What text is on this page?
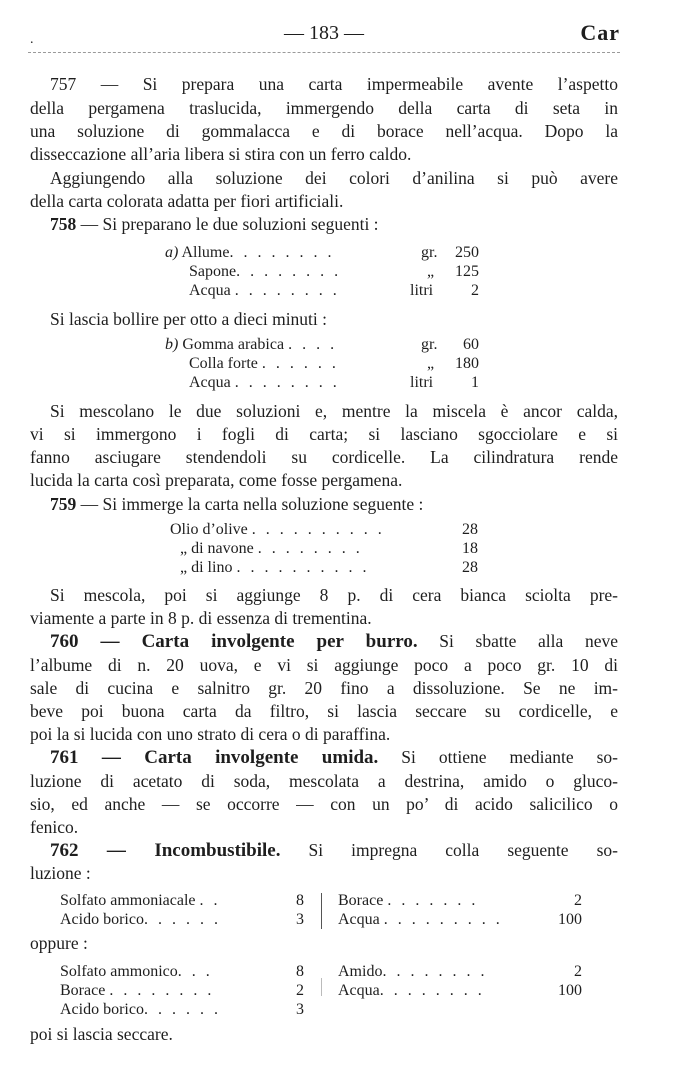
.	— 183 —	Car
757 — Si prepara una carta impermeabile avente l’aspetto
della pergamena traslucida, immergendo della carta di seta in
una soluzione di gommalacca e di borace nell’acqua. Dopo la
disseccazione all’aria libera si stira con un ferro caldo.
Aggiungendo alla soluzione dei colori d’anilina si può avere
della carta colorata adatta per fiori artificiali.
758 — Si preparano le due soluzioni seguenti :
a) Allume. . . . . . . .	gr.	250
Sapone. . . . . . . .	„	125
Acqua . . . . . . . .	litri	2
Si lascia bollire per otto a dieci minuti :
b) Gomma arabica . . . .	gr.	60
Colla forte . . . . . .	„	180
Acqua . . . . . . . .	litri	1
Si mescolano le due soluzioni e, mentre la miscela è ancor calda,
vi si immergono i fogli di carta; si lasciano sgocciolare e si
fanno asciugare stendendoli su cordicelle. La cilindratura rende
lucida la carta così preparata, come fosse pergamena.
759 — Si immerge la carta nella soluzione seguente :
Olio d’olive . . . . . . . . . .	28
„ di navone . . . . . . . .	18
„ di lino . . . . . . . . . .	28
Si mescola, poi si aggiunge 8 p. di cera bianca sciolta pre-
viamente a parte in 8 p. di essenza di trementina.
760 — Carta involgente per burro. Si sbatte alla neve
l’albume di n. 20 uova, e vi si aggiunge poco a poco gr. 10 di
sale di cucina e salnitro gr. 20 fino a dissoluzione. Se ne im-
beve poi buona carta da filtro, si lascia seccare su cordicelle, e
poi la si lucida con uno strato di cera o di paraffina.
761 — Carta involgente umida. Si ottiene mediante so-
luzione di acetato di soda, mescolata a destrina, amido o gluco-
sio, ed anche — se occorre — con un po’ di acido salicilico o
fenico.
762 — Incombustibile. Si impregna colla seguente so-
luzione :
Solfato ammoniacale . .	8
Acido borico. . . . . .	3
Borace . . . . . . .	2
Acqua . . . . . . . . .	100
oppure :
Solfato ammonico. . .	8
Borace . . . . . . . .	2
Acido borico. . . . . .	3
Amido. . . . . . . .	2
Acqua. . . . . . . .	100
poi si lascia seccare.
